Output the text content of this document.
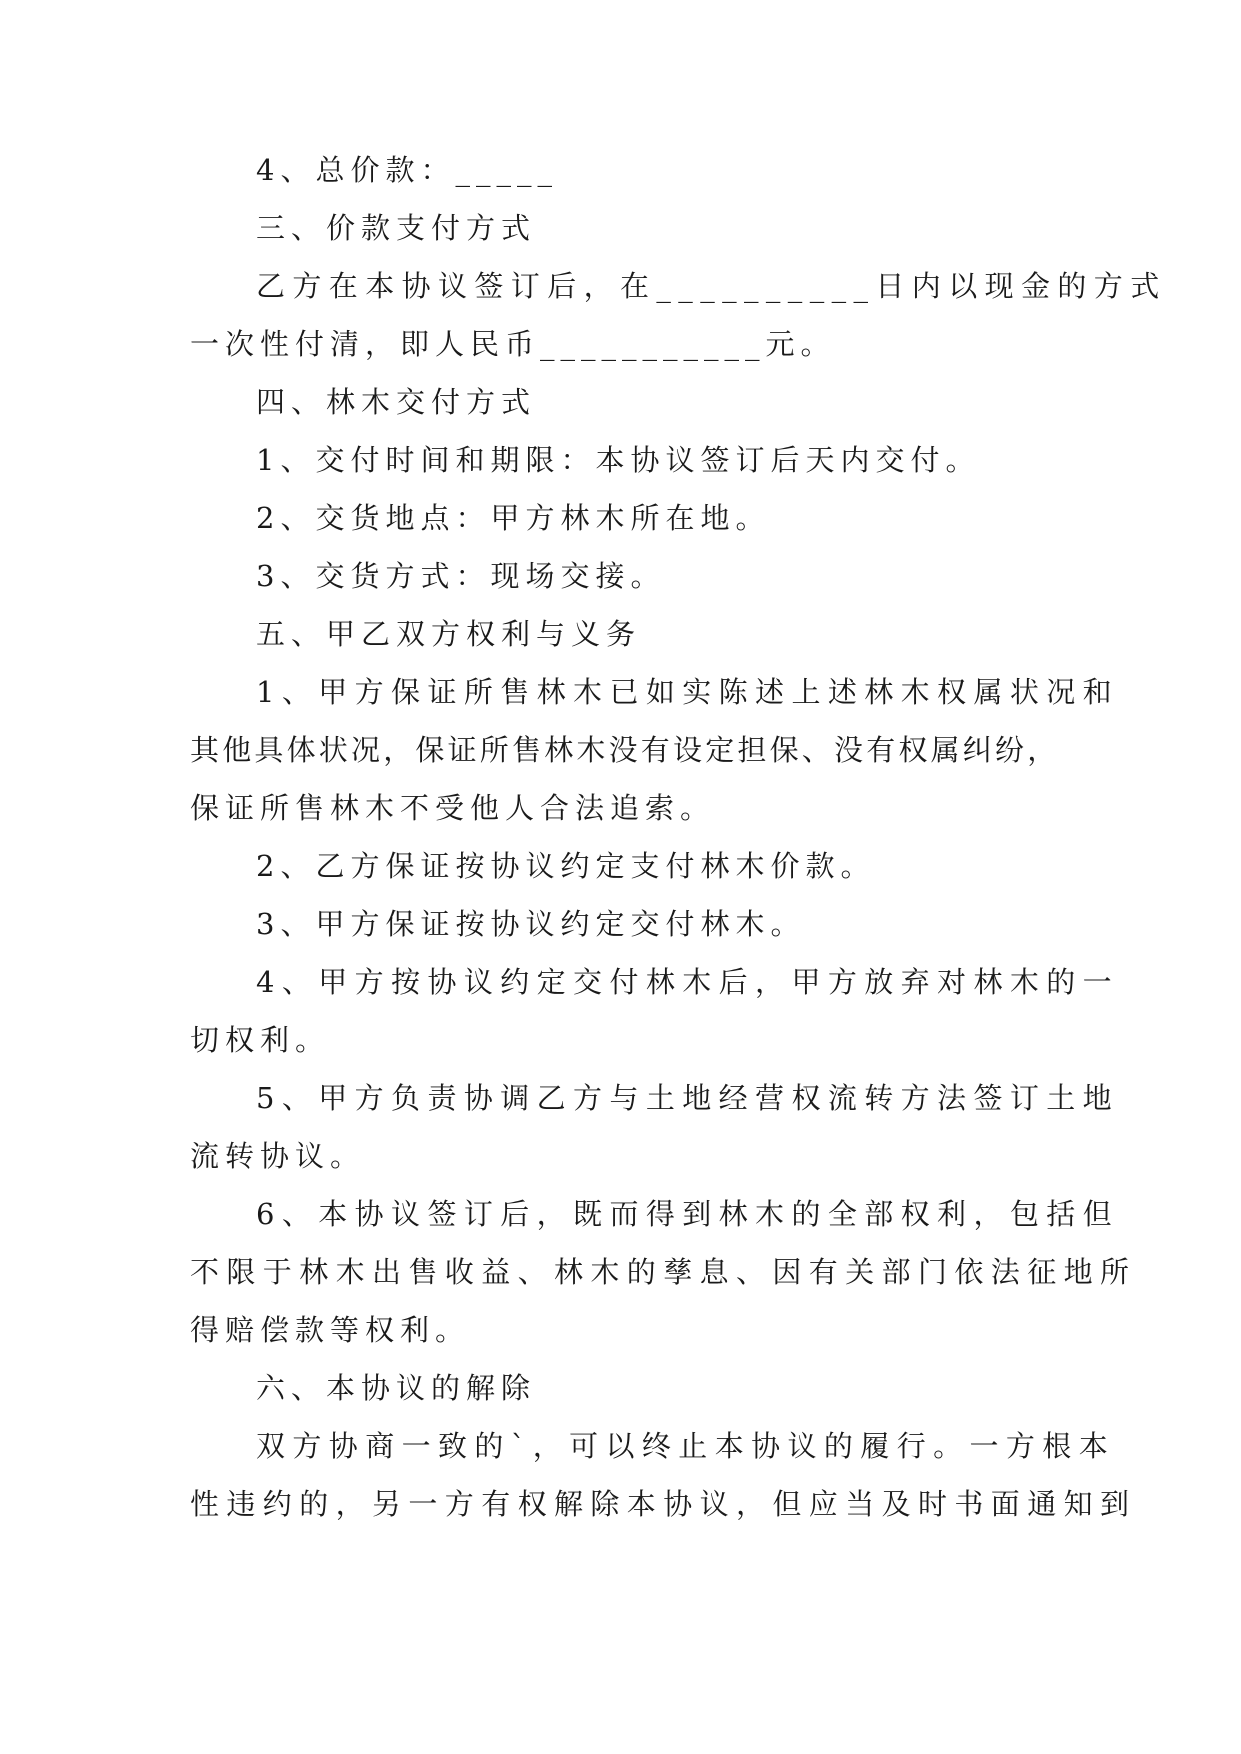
4、总价款：_____
三、价款支付方式
乙方在本协议签订后，在__________日内以现金的方式
一次性付清，即人民币___________元。
四、林木交付方式
1、交付时间和期限：本协议签订后天内交付。
2、交货地点：甲方林木所在地。
3、交货方式：现场交接。
五、甲乙双方权利与义务
1、甲方保证所售林木已如实陈述上述林木权属状况和
其他具体状况，保证所售林木没有设定担保、没有权属纠纷，
保证所售林木不受他人合法追索。
2、乙方保证按协议约定支付林木价款。
3、甲方保证按协议约定交付林木。
4、甲方按协议约定交付林木后，甲方放弃对林木的一
切权利。
5、甲方负责协调乙方与土地经营权流转方法签订土地
流转协议。
6、本协议签订后，既而得到林木的全部权利，包括但
不限于林木出售收益、林木的孳息、因有关部门依法征地所
得赔偿款等权利。
六、本协议的解除
双方协商一致的`，可以终止本协议的履行。一方根本
性违约的，另一方有权解除本协议，但应当及时书面通知到
